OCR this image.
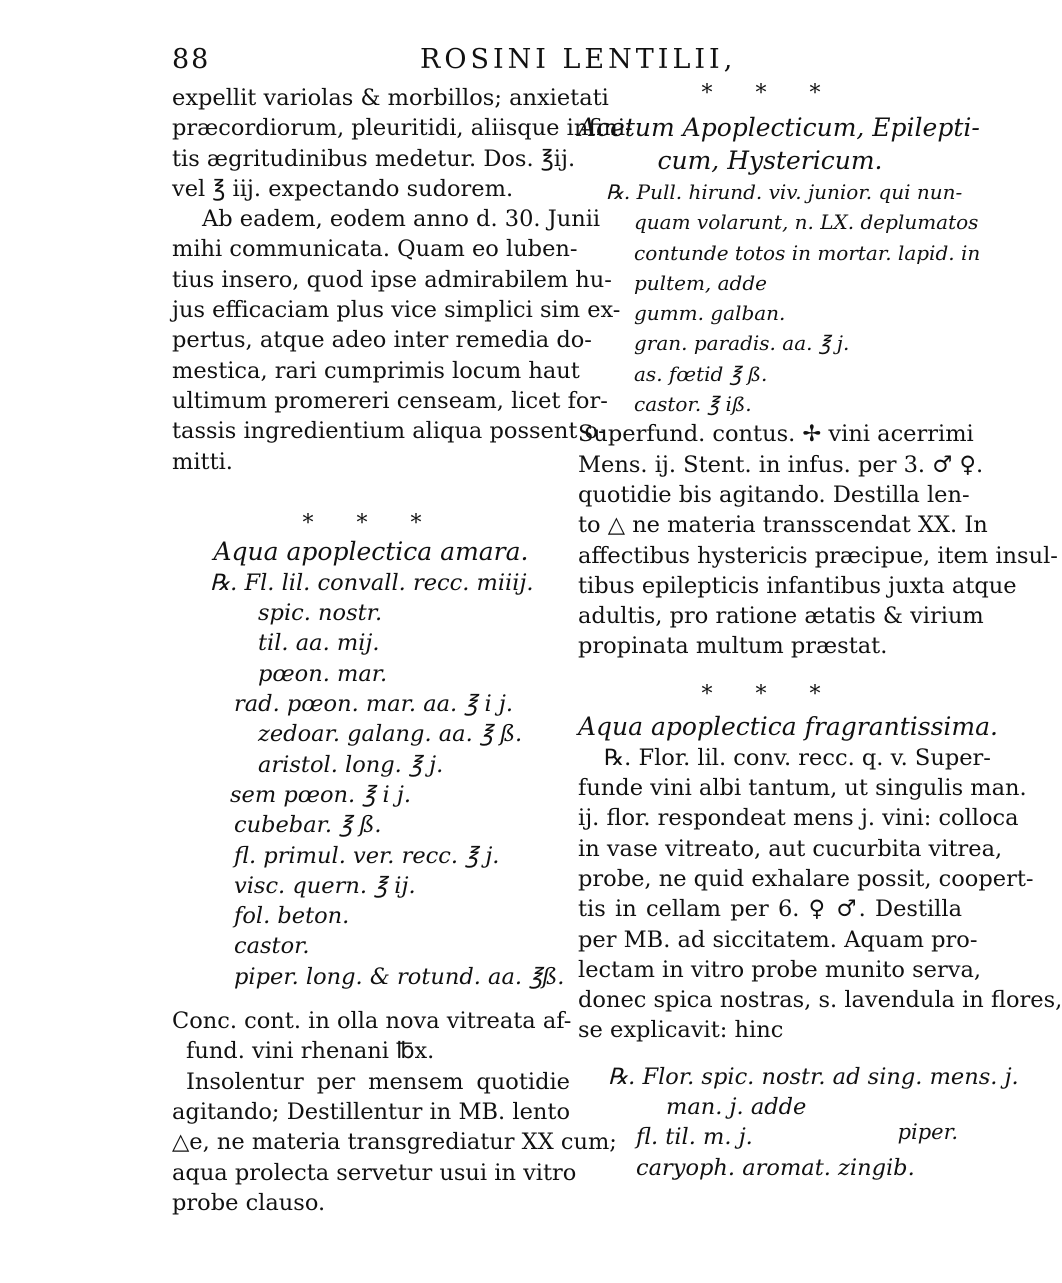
88	ROSINI LENTILII,
expellit variolas & morbillos; anxietati
præcordiorum, pleuritidi, aliisque infini-
tis ægritudinibus medetur. Dos. ℥ij.
vel ℥ iij. expectando sudorem.
Ab eadem, eodem anno d. 30. Junii
mihi communicata. Quam eo luben-
tius insero, quod ipse admirabilem hu-
jus efficaciam plus vice simplici sim ex-
pertus, atque adeo inter remedia do-
mestica, rari cumprimis locum haut
ultimum promereri censeam, licet for-
tassis ingredientium aliqua possent o-
mitti.
* * *
Aqua apoplectica amara.
℞. Fl. lil. convall. recc. miiij.
spic. nostr.
til. aa. mij.
pœon. mar.
rad. pœon. mar. aa. ℥ i j.
zedoar. galang. aa. ℥ ß.
aristol. long. ℥ j.
sem pœon. ℥ i j.
cubebar. ℥ ß.
fl. primul. ver. recc. ℥ j.
visc. quern. ℥ ij.
fol. beton.
castor.
piper. long. & rotund. aa. ℥ß.
Conc. cont. in olla nova vitreata af-
fund. vini rhenani ℔x.
Insolentur per mensem quotidie
agitando; Destillentur in MB. lento
△e, ne materia transgrediatur ⅩⅩ cum;
aqua prolecta servetur usui in vitro
probe clauso.
* * *
Acetum Apoplecticum, Epilepti-
cum, Hystericum.
℞. Pull. hirund. viv. junior. qui nun-
quam volarunt, n. LX. deplumatos
contunde totos in mortar. lapid. in
pultem, adde
gumm. galban.
gran. paradis. aa. ℥ j.
as. fœtid ℥ ß.
castor. ℥ iß.
Superfund. contus. ✢ vini acerrimi
Mens. ij. Stent. in infus. per 3. ♂ ♀.
quotidie bis agitando. Destilla len-
to △ ne materia transscendat ⅩⅩ. In
affectibus hystericis præcipue, item insul-
tibus epilepticis infantibus juxta atque
adultis, pro ratione ætatis & virium
propinata multum præstat.
* * *
Aqua apoplectica fragrantissima.
℞. Flor. lil. conv. recc. q. v. Super-
funde vini albi tantum, ut singulis man.
ij. flor. respondeat mens j. vini: colloca
in vase vitreato, aut cucurbita vitrea,
probe, ne quid exhalare possit, coopert-
tis in cellam per 6. ♀ ♂. Destilla
per MB. ad siccitatem. Aquam pro-
lectam in vitro probe munito serva,
donec spica nostras, s. lavendula in flores,
se explicavit: hinc
℞. Flor. spic. nostr. ad sing. mens. j.
man. j. adde
fl. til. m. j.
caryoph. aromat. zingib.
piper.
